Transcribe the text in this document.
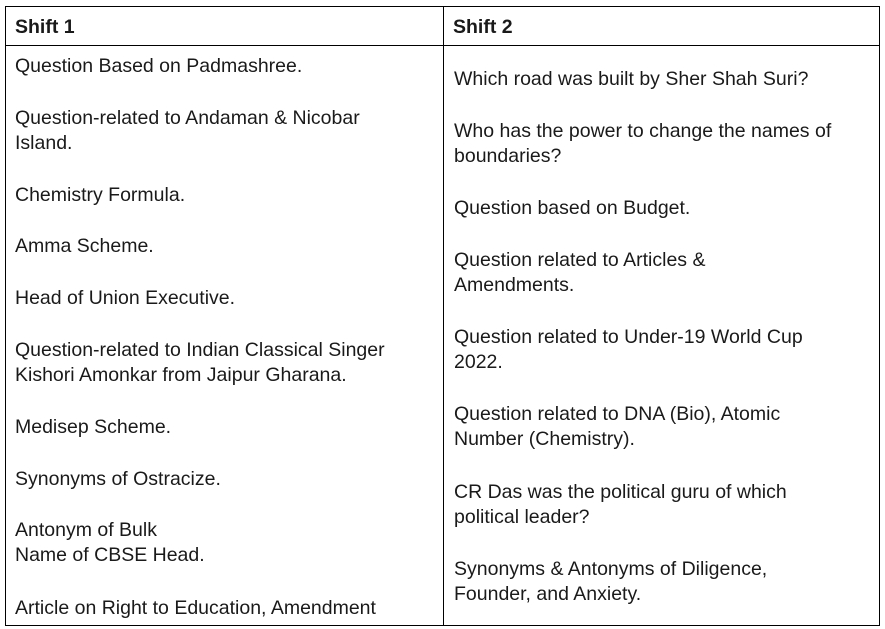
Shift 1	Shift 2
Question Based on Padmashree.
Question-related to Andaman & Nicobar
Island.
Chemistry Formula.
Amma Scheme.
Head of Union Executive.
Question-related to Indian Classical Singer
Kishori Amonkar from Jaipur Gharana.
Medisep Scheme.
Synonyms of Ostracize.
Antonym of Bulk
Name of CBSE Head.
Article on Right to Education, Amendment
Which road was built by Sher Shah Suri?
Who has the power to change the names of
boundaries?
Question based on Budget.
Question related to Articles &
Amendments.
Question related to Under-19 World Cup
2022.
Question related to DNA (Bio), Atomic
Number (Chemistry).
CR Das was the political guru of which
political leader?
Synonyms & Antonyms of Diligence,
Founder, and Anxiety.
